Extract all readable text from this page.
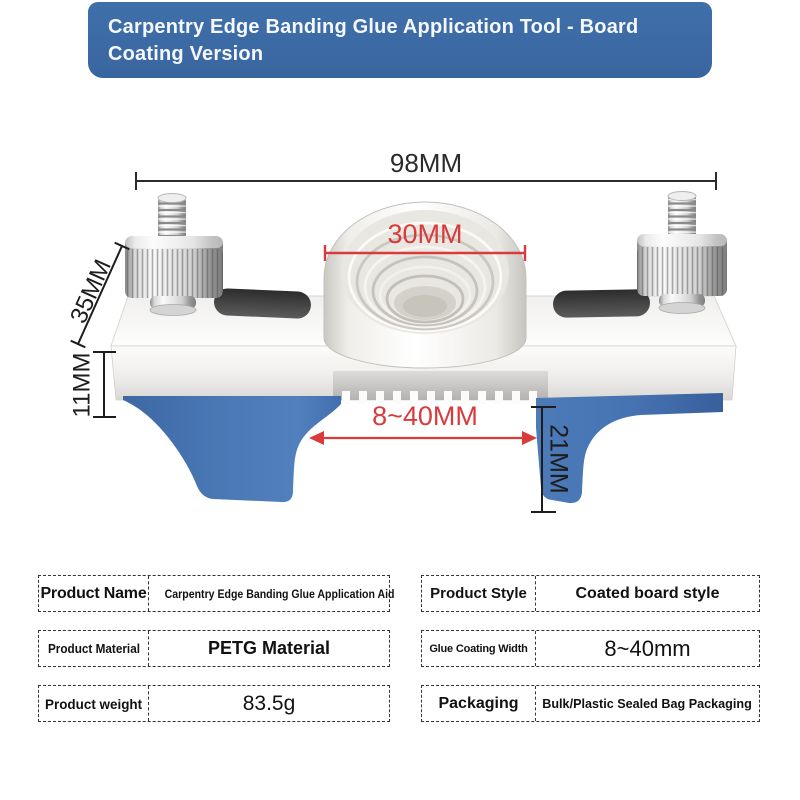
Carpentry Edge Banding Glue Application Tool - Board
Coating Version
98MM
30MM
21MM
8~40MM
35MM
11MM
Product Name Carpentry Edge Banding Glue Application Aid
Product Material	PETG Material
Product weight	83.5g
Product Style	Coated board style
Glue Coating Width	8~40mm
Packaging Bulk/Plastic Sealed Bag Packaging
